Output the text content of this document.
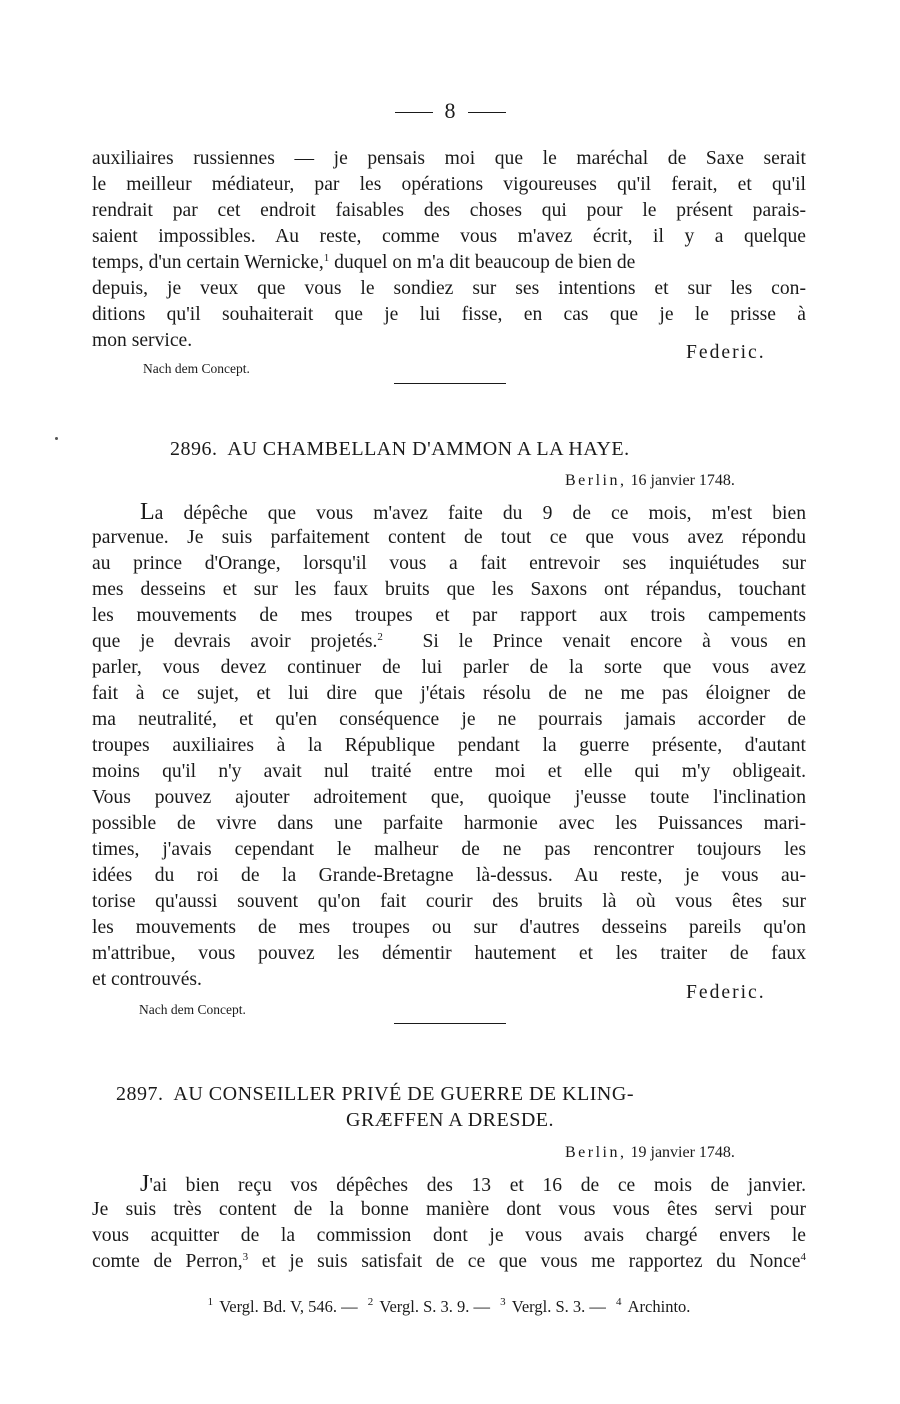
8
auxiliaires russiennes — je pensais moi que le maréchal de Saxe serait
le meilleur médiateur, par les opérations vigoureuses qu'il ferait, et qu'il
rendrait par cet endroit faisables des choses qui pour le présent parais-
saient impossibles. Au reste, comme vous m'avez écrit, il y a quelque
temps, d'un certain Wernicke,$^1$ duquel on m'a dit beaucoup de bien de
depuis, je veux que vous le sondiez sur ses intentions et sur les con-
ditions qu'il souhaiterait que je lui fisse, en cas que je le prisse à
mon service.
Federic.
Nach dem Concept.
2896. AU CHAMBELLAN D'AMMON A LA HAYE.
Berlin, 16 janvier 1748.
La dépêche que vous m'avez faite du 9 de ce mois, m'est bien
parvenue. Je suis parfaitement content de tout ce que vous avez répondu
au prince d'Orange, lorsqu'il vous a fait entrevoir ses inquiétudes sur
mes desseins et sur les faux bruits que les Saxons ont répandus, touchant
les mouvements de mes troupes et par rapport aux trois campements
que je devrais avoir projetés.$^2$ Si le Prince venait encore à vous en
parler, vous devez continuer de lui parler de la sorte que vous avez
fait à ce sujet, et lui dire que j'étais résolu de ne me pas éloigner de
ma neutralité, et qu'en conséquence je ne pourrais jamais accorder de
troupes auxiliaires à la République pendant la guerre présente, d'autant
moins qu'il n'y avait nul traité entre moi et elle qui m'y obligeait.
Vous pouvez ajouter adroitement que, quoique j'eusse toute l'inclination
possible de vivre dans une parfaite harmonie avec les Puissances mari-
times, j'avais cependant le malheur de ne pas rencontrer toujours les
idées du roi de la Grande-Bretagne là-dessus. Au reste, je vous au-
torise qu'aussi souvent qu'on fait courir des bruits là où vous êtes sur
les mouvements de mes troupes ou sur d'autres desseins pareils qu'on
m'attribue, vous pouvez les démentir hautement et les traiter de faux
et controuvés.
Federic.
Nach dem Concept.
2897. AU CONSEILLER PRIVÉ DE GUERRE DE KLING-
GRÆFFEN A DRESDE.
Berlin, 19 janvier 1748.
J'ai bien reçu vos dépêches des 13 et 16 de ce mois de janvier.
Je suis très content de la bonne manière dont vous vous êtes servi pour
vous acquitter de la commission dont je vous avais chargé envers le
comte de Perron,$^3$ et je suis satisfait de ce que vous me rapportez du Nonce$^4$
$^1$ Vergl. Bd. V, 546. — $^2$ Vergl. S. 3. 9. — $^3$ Vergl. S. 3. — $^4$ Archinto.
